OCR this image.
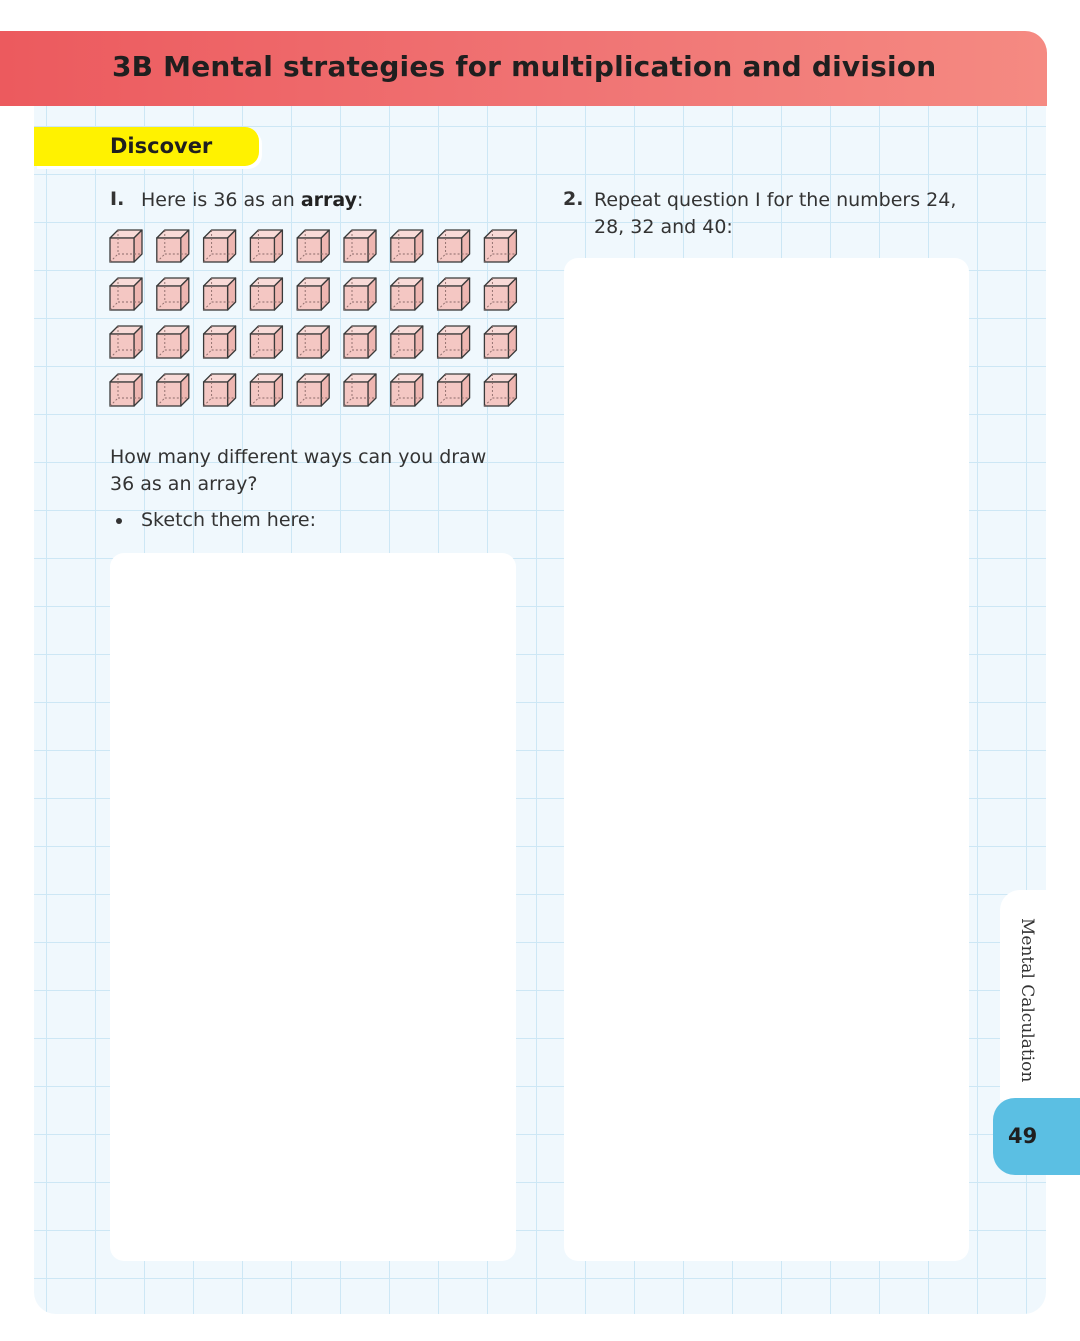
3B Mental strategies for multiplication and division
Discover
I. Here is 36 as an array:
How many different ways can you draw
36 as an array?
Sketch them here:
2. Repeat question I for the numbers 24,
28, 32 and 40:
Mental Calculation
49
